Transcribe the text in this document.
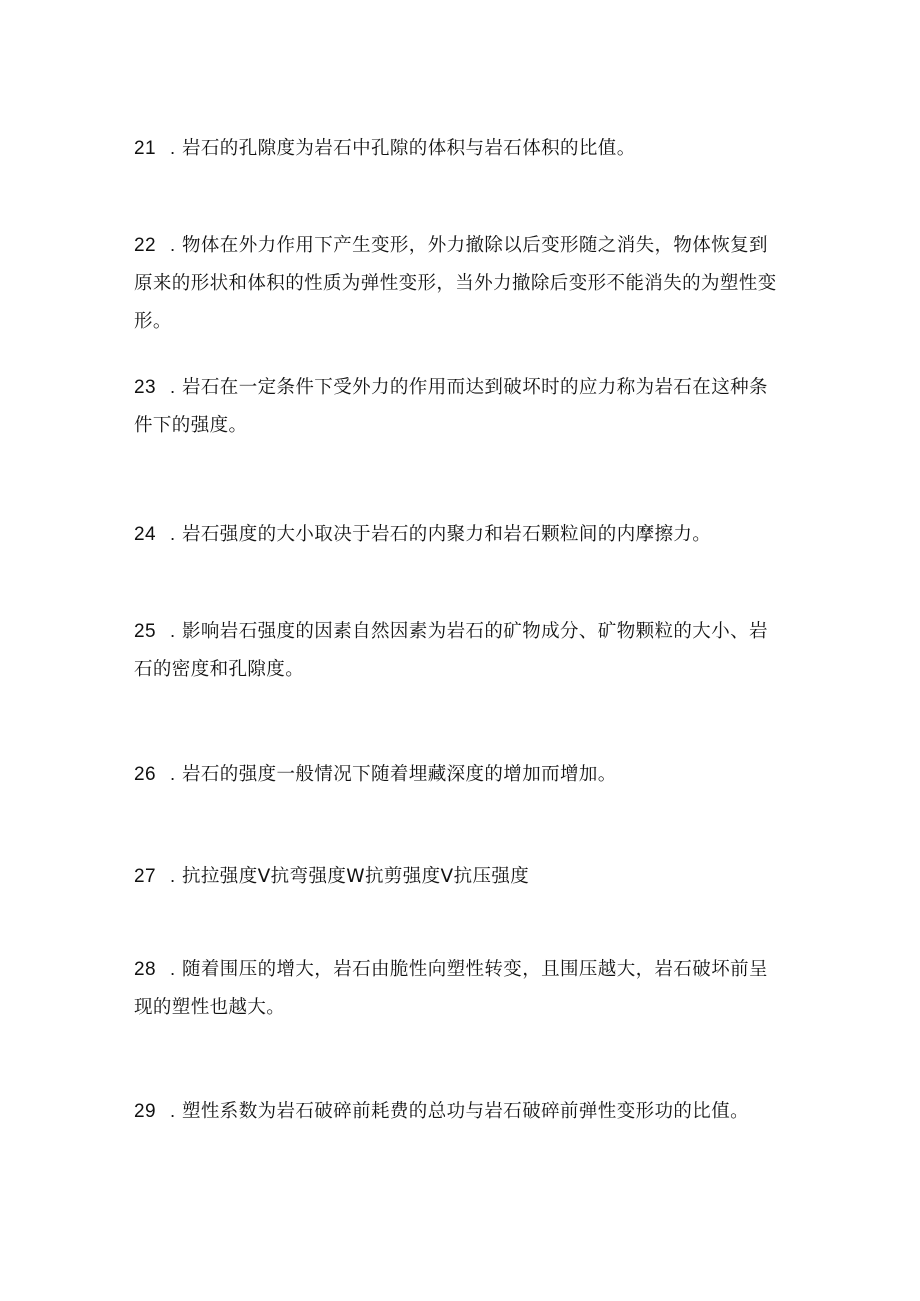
21 . 岩石的孔隙度为岩石中孔隙的体积与岩石体积的比值。
22 . 物体在外力作用下产生变形，外力撤除以后变形随之消失，物体恢复到原来的形状和体积的性质为弹性变形，当外力撤除后变形不能消失的为塑性变形。
23 . 岩石在一定条件下受外力的作用而达到破坏时的应力称为岩石在这种条件下的强度。
24 . 岩石强度的大小取决于岩石的内聚力和岩石颗粒间的内摩擦力。
25 . 影响岩石强度的因素自然因素为岩石的矿物成分、矿物颗粒的大小、岩石的密度和孔隙度。
26 . 岩石的强度一般情况下随着埋藏深度的增加而增加。
27 . 抗拉强度V抗弯强度W抗剪强度V抗压强度
28 . 随着围压的增大，岩石由脆性向塑性转变，且围压越大，岩石破坏前呈现的塑性也越大。
29 . 塑性系数为岩石破碎前耗费的总功与岩石破碎前弹性变形功的比值。
